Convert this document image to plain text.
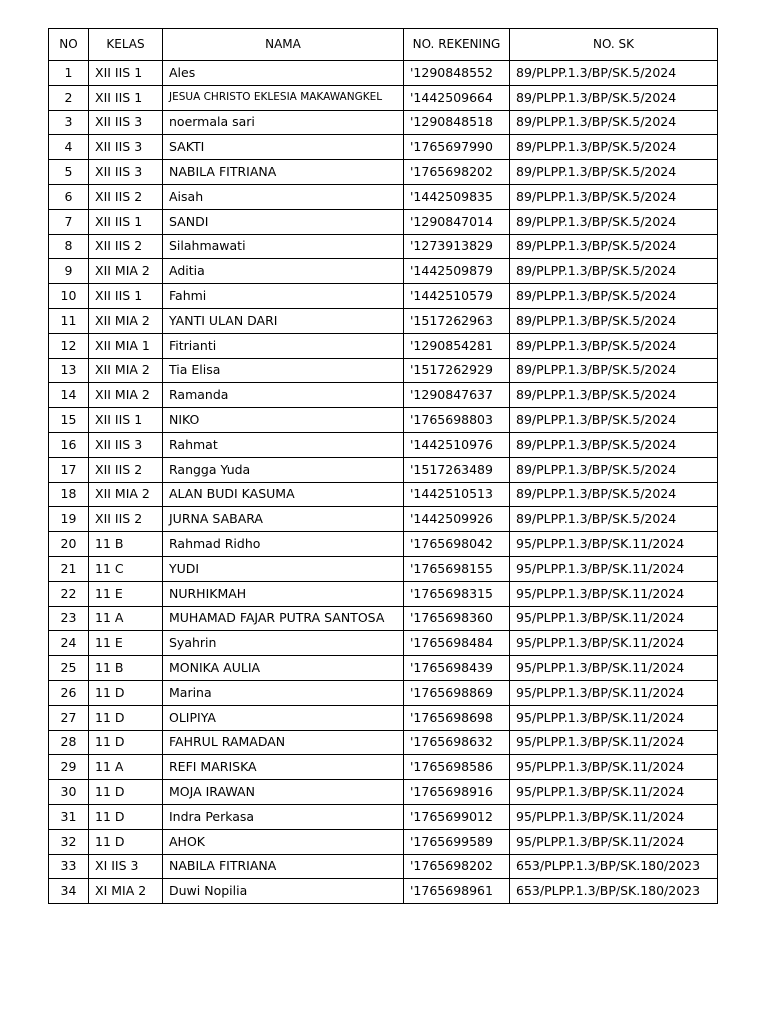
NO	KELAS	NAMA	NO. REKENING	NO. SK
1	XII IIS 1	Ales	'1290848552	89/PLPP.1.3/BP/SK.5/2024
2	XII IIS 1	JESUA CHRISTO EKLESIA MAKAWANGKEL	'1442509664	89/PLPP.1.3/BP/SK.5/2024
3	XII IIS 3	noermala sari	'1290848518	89/PLPP.1.3/BP/SK.5/2024
4	XII IIS 3	SAKTI	'1765697990	89/PLPP.1.3/BP/SK.5/2024
5	XII IIS 3	NABILA FITRIANA	'1765698202	89/PLPP.1.3/BP/SK.5/2024
6	XII IIS 2	Aisah	'1442509835	89/PLPP.1.3/BP/SK.5/2024
7	XII IIS 1	SANDI	'1290847014	89/PLPP.1.3/BP/SK.5/2024
8	XII IIS 2	Silahmawati	'1273913829	89/PLPP.1.3/BP/SK.5/2024
9	XII MIA 2	Aditia	'1442509879	89/PLPP.1.3/BP/SK.5/2024
10	XII IIS 1	Fahmi	'1442510579	89/PLPP.1.3/BP/SK.5/2024
11	XII MIA 2	YANTI ULAN DARI	'1517262963	89/PLPP.1.3/BP/SK.5/2024
12	XII MIA 1	Fitrianti	'1290854281	89/PLPP.1.3/BP/SK.5/2024
13	XII MIA 2	Tia Elisa	'1517262929	89/PLPP.1.3/BP/SK.5/2024
14	XII MIA 2	Ramanda	'1290847637	89/PLPP.1.3/BP/SK.5/2024
15	XII IIS 1	NIKO	'1765698803	89/PLPP.1.3/BP/SK.5/2024
16	XII IIS 3	Rahmat	'1442510976	89/PLPP.1.3/BP/SK.5/2024
17	XII IIS 2	Rangga Yuda	'1517263489	89/PLPP.1.3/BP/SK.5/2024
18	XII MIA 2	ALAN BUDI KASUMA	'1442510513	89/PLPP.1.3/BP/SK.5/2024
19	XII IIS 2	JURNA SABARA	'1442509926	89/PLPP.1.3/BP/SK.5/2024
20	11 B	Rahmad Ridho	'1765698042	95/PLPP.1.3/BP/SK.11/2024
21	11 C	YUDI	'1765698155	95/PLPP.1.3/BP/SK.11/2024
22	11 E	NURHIKMAH	'1765698315	95/PLPP.1.3/BP/SK.11/2024
23	11 A	MUHAMAD FAJAR PUTRA SANTOSA	'1765698360	95/PLPP.1.3/BP/SK.11/2024
24	11 E	Syahrin	'1765698484	95/PLPP.1.3/BP/SK.11/2024
25	11 B	MONIKA AULIA	'1765698439	95/PLPP.1.3/BP/SK.11/2024
26	11 D	Marina	'1765698869	95/PLPP.1.3/BP/SK.11/2024
27	11 D	OLIPIYA	'1765698698	95/PLPP.1.3/BP/SK.11/2024
28	11 D	FAHRUL RAMADAN	'1765698632	95/PLPP.1.3/BP/SK.11/2024
29	11 A	REFI MARISKA	'1765698586	95/PLPP.1.3/BP/SK.11/2024
30	11 D	MOJA IRAWAN	'1765698916	95/PLPP.1.3/BP/SK.11/2024
31	11 D	Indra Perkasa	'1765699012	95/PLPP.1.3/BP/SK.11/2024
32	11 D	AHOK	'1765699589	95/PLPP.1.3/BP/SK.11/2024
33	XI IIS 3	NABILA FITRIANA	'1765698202	653/PLPP.1.3/BP/SK.180/2023
34	XI MIA 2	Duwi Nopilia	'1765698961	653/PLPP.1.3/BP/SK.180/2023
